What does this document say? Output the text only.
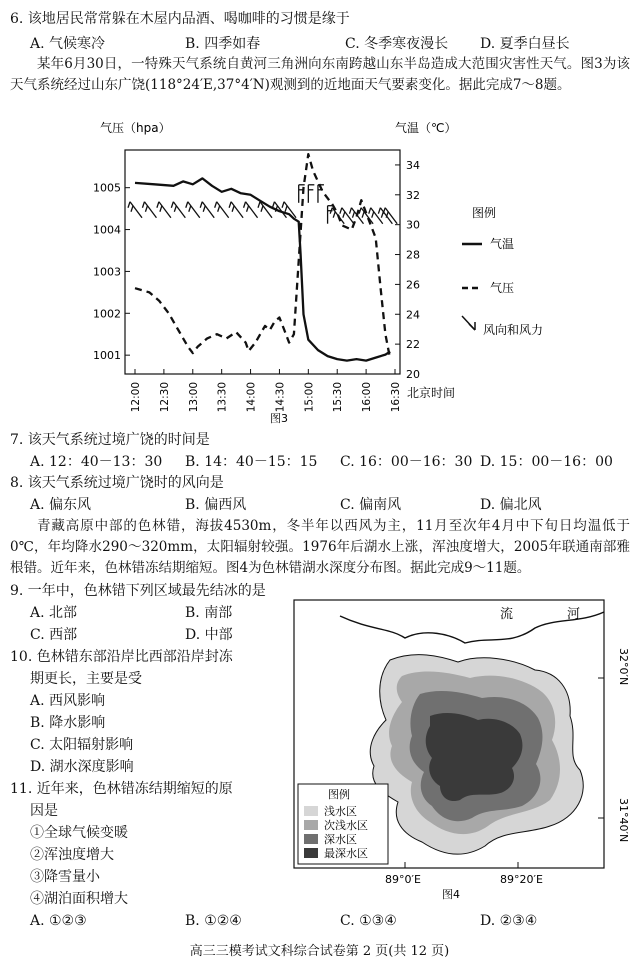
6. 该地居民常常躲在木屋内品酒、喝咖啡的习惯是缘于
A. 气候寒冷	B. 四季如春	C. 冬季寒夜漫长 D. 夏季白昼长
某年6月30日，一特殊天气系统自黄河三角洲向东南跨越山东半岛造成大范围灾害性天气。图3为该天气系统经过山东广饶(118°24′E,37°4′N)观测到的近地面天气要素变化。据此完成7～8题。
气压（hpa）	气温（℃）
1001
1002
1003
1004
1005
20
22
24
26
28
30
32
34
12:00 12:30 13:00 13:30 14:00 14:30 15:00 15:30 16:00 16:30 北京时间
图3
图例
气温
气压
风向和风力
7. 该天气系统过境广饶的时间是
A. 12：40－13：30 B. 14：40－15：15 C. 16：00－16：30 D. 15：00－16：00
8. 该天气系统过境广饶时的风向是
A. 偏东风	B. 偏西风	C. 偏南风	D. 偏北风
青藏高原中部的色林错，海拔4530m，冬半年以西风为主，11月至次年4月中下旬日均温低于0℃，年均降水290～320mm，太阳辐射较强。1976年后湖水上涨，浑浊度增大，2005年联通南部雅根错。近年来，色林错冻结期缩短。图4为色林错湖水深度分布图。据此完成9～11题。
9. 一年中，色林错下列区域最先结冰的是
A. 北部	B. 南部
C. 西部	D. 中部
10. 色林错东部沿岸比西部沿岸封冻
期更长，主要是受
A. 西风影响
B. 降水影响
C. 太阳辐射影响
D. 湖水深度影响
11. 近年来，色林错冻结期缩短的原
因是
①全球气候变暖
②浑浊度增大
③降雪量小
④湖泊面积增大
A. ①②③	B. ①②④	C. ①③④	D. ②③④
流	河
32°0′N
31°40′N
89°0′E	89°20′E
图4
图例
浅水区
次浅水区
深水区
最深水区
高三三模考试文科综合试卷第 2 页(共 12 页)
